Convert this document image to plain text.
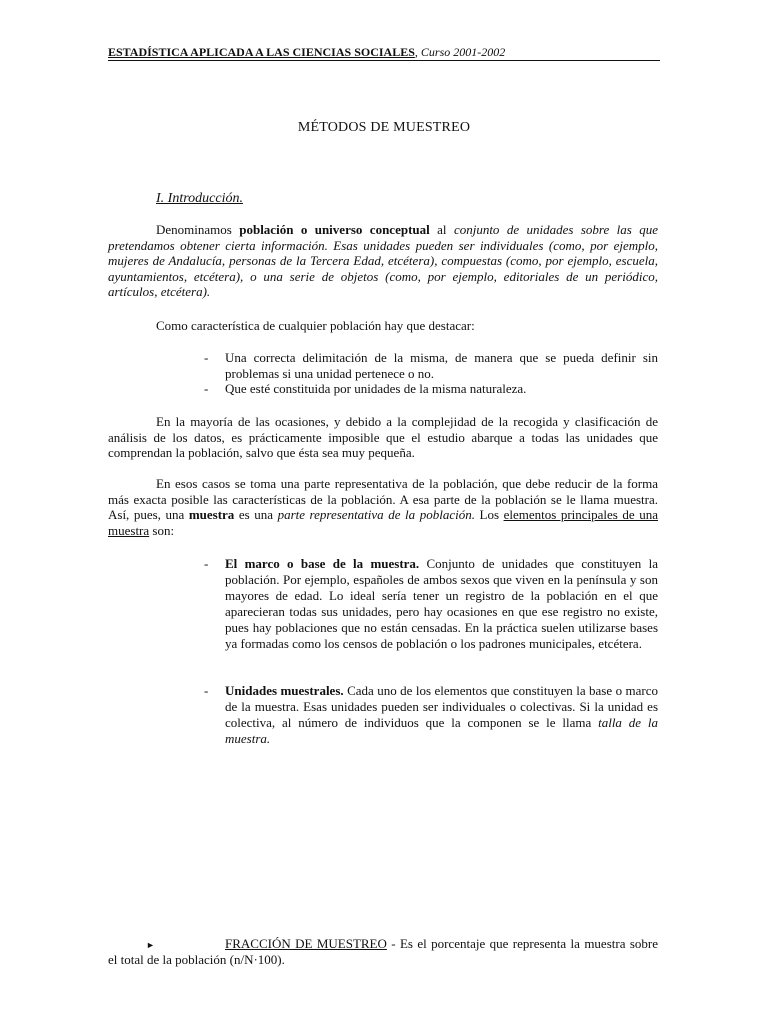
ESTADÍSTICA APLICADA A LAS CIENCIAS SOCIALES, Curso 2001-2002
MÉTODOS DE MUESTREO
I. Introducción.

Denominamos población o universo conceptual al conjunto de unidades sobre las que pretendamos obtener cierta información. Esas unidades pueden ser individuales (como, por ejemplo, mujeres de Andalucía, personas de la Tercera Edad, etcétera), compuestas (como, por ejemplo, escuela, ayuntamientos, etcétera), o una serie de objetos (como, por ejemplo, editoriales de un periódico, artículos, etcétera).

Como característica de cualquier población hay que destacar:

- Una correcta delimitación de la misma, de manera que se pueda definir sin problemas si una unidad pertenece o no.
- Que esté constituida por unidades de la misma naturaleza.

En la mayoría de las ocasiones, y debido a la complejidad de la recogida y clasificación de análisis de los datos, es prácticamente imposible que el estudio abarque a todas las unidades que comprendan la población, salvo que ésta sea muy pequeña.

En esos casos se toma una parte representativa de la población, que debe reducir de la forma más exacta posible las características de la población. A esa parte de la población se le llama muestra. Así, pues, una muestra es una parte representativa de la población. Los elementos principales de una muestra son:

- El marco o base de la muestra. Conjunto de unidades que constituyen la población. Por ejemplo, españoles de ambos sexos que viven en la península y son mayores de edad. Lo ideal sería tener un registro de la población en el que aparecieran todas sus unidades, pero hay ocasiones en que ese registro no existe, pues hay poblaciones que no están censadas. En la práctica suelen utilizarse bases ya formadas como los censos de población o los padrones municipales, etcétera.
- Unidades muestrales. Cada uno de los elementos que constituyen la base o marco de la muestra. Esas unidades pueden ser individuales o colectivas. Si la unidad es colectiva, al número de individuos que la componen se le llama talla de la muestra.
►	FRACCIÓN DE MUESTREO - Es el porcentaje que representa la muestra sobre el total de la población (n/N·100).
